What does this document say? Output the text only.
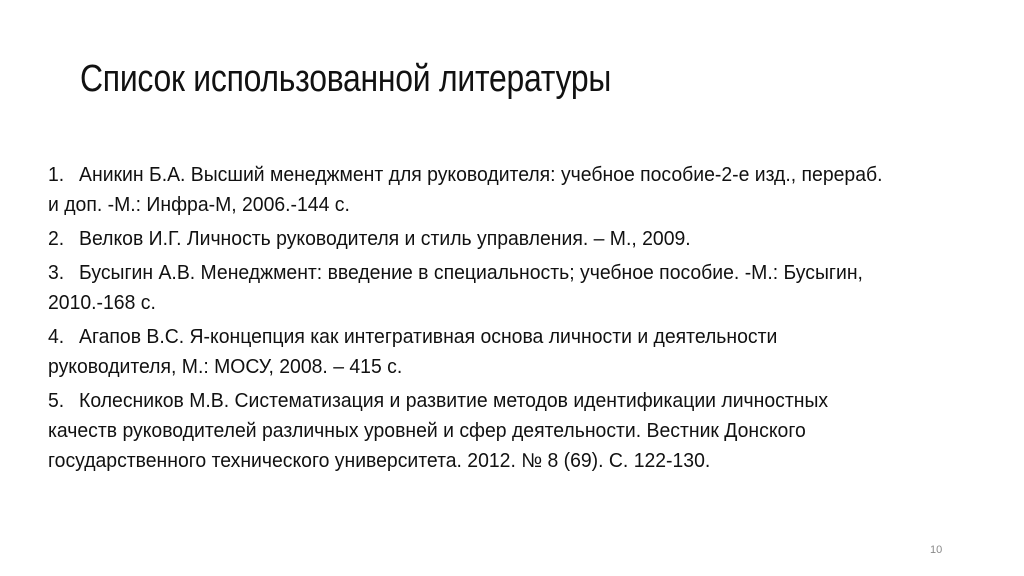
Список использованной литературы
1. Аникин Б.А. Высший менеджмент для руководителя: учебное пособие-2-е изд., перераб. и доп. -М.: Инфра-М, 2006.-144 с.
2. Велков И.Г. Личность руководителя и стиль управления. – М., 2009.
3. Бусыгин А.В. Менеджмент: введение в специальность; учебное пособие. -М.: Бусыгин, 2010.-168 с.
4. Агапов В.С. Я-концепция как интегративная основа личности и деятельности руководителя, М.: МОСУ, 2008. – 415 с.
5. Колесников М.В. Систематизация и развитие методов идентификации личностных качеств руководителей различных уровней и сфер деятельности. Вестник Донского государственного технического университета. 2012. № 8 (69). С. 122-130.
10
